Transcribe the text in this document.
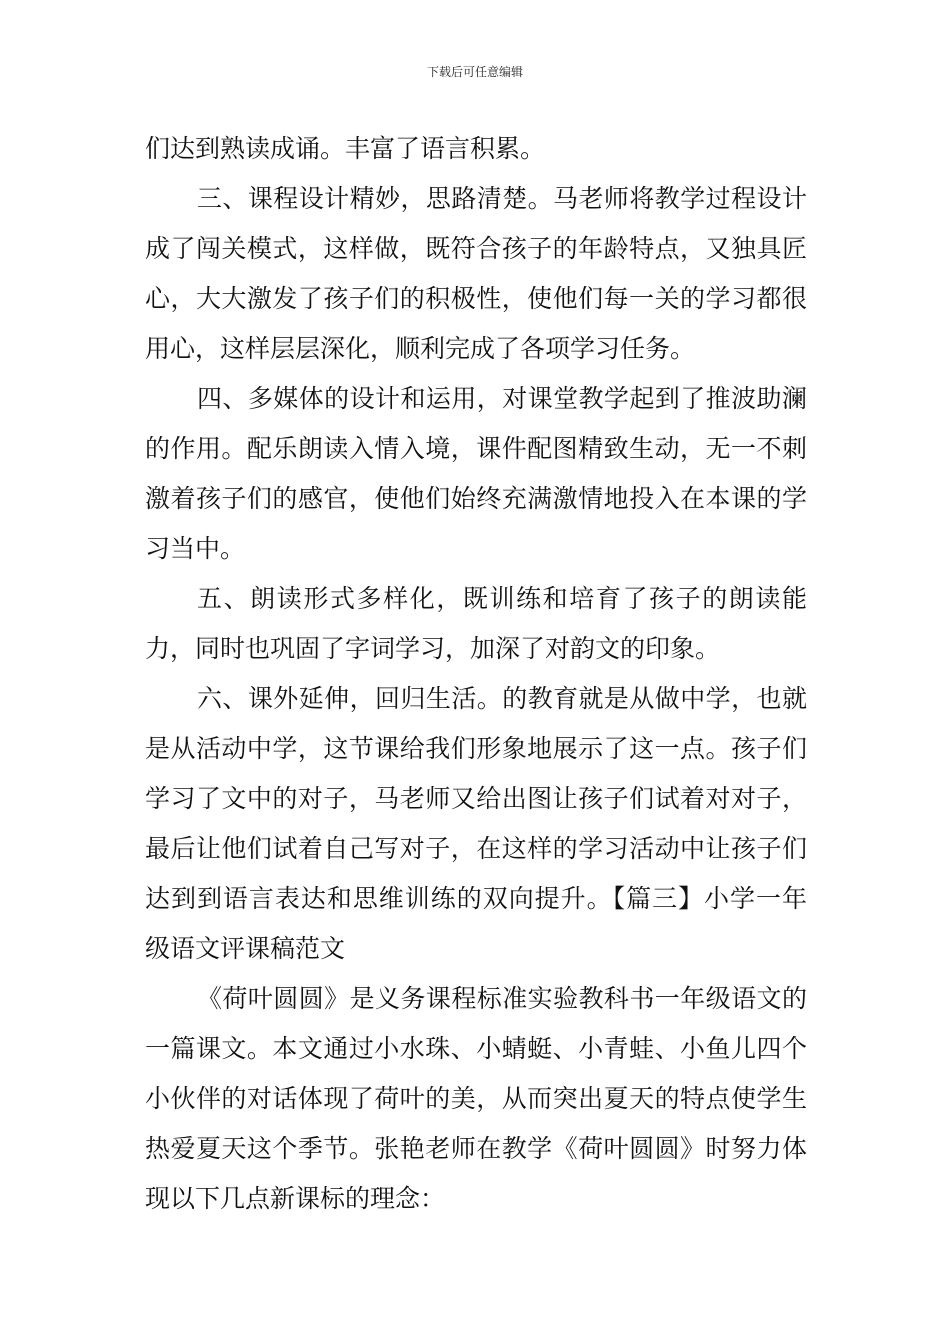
下载后可任意编辑

们达到熟读成诵。丰富了语言积累。

三、课程设计精妙，思路清楚。马老师将教学过程设计成了闯关模式，这样做，既符合孩子的年龄特点，又独具匠心，大大激发了孩子们的积极性，使他们每一关的学习都很用心，这样层层深化，顺利完成了各项学习任务。

四、多媒体的设计和运用，对课堂教学起到了推波助澜的作用。配乐朗读入情入境，课件配图精致生动，无一不刺激着孩子们的感官，使他们始终充满激情地投入在本课的学习当中。

五、朗读形式多样化，既训练和培育了孩子的朗读能力，同时也巩固了字词学习，加深了对韵文的印象。

六、课外延伸，回归生活。的教育就是从做中学，也就是从活动中学，这节课给我们形象地展示了这一点。孩子们学习了文中的对子，马老师又给出图让孩子们试着对对子，最后让他们试着自己写对子，在这样的学习活动中让孩子们达到到语言表达和思维训练的双向提升。【篇三】小学一年级语文评课稿范文

《荷叶圆圆》是义务课程标准实验教科书一年级语文的一篇课文。本文通过小水珠、小蜻蜓、小青蛙、小鱼儿四个小伙伴的对话体现了荷叶的美，从而突出夏天的特点使学生热爱夏天这个季节。张艳老师在教学《荷叶圆圆》时努力体现以下几点新课标的理念：
